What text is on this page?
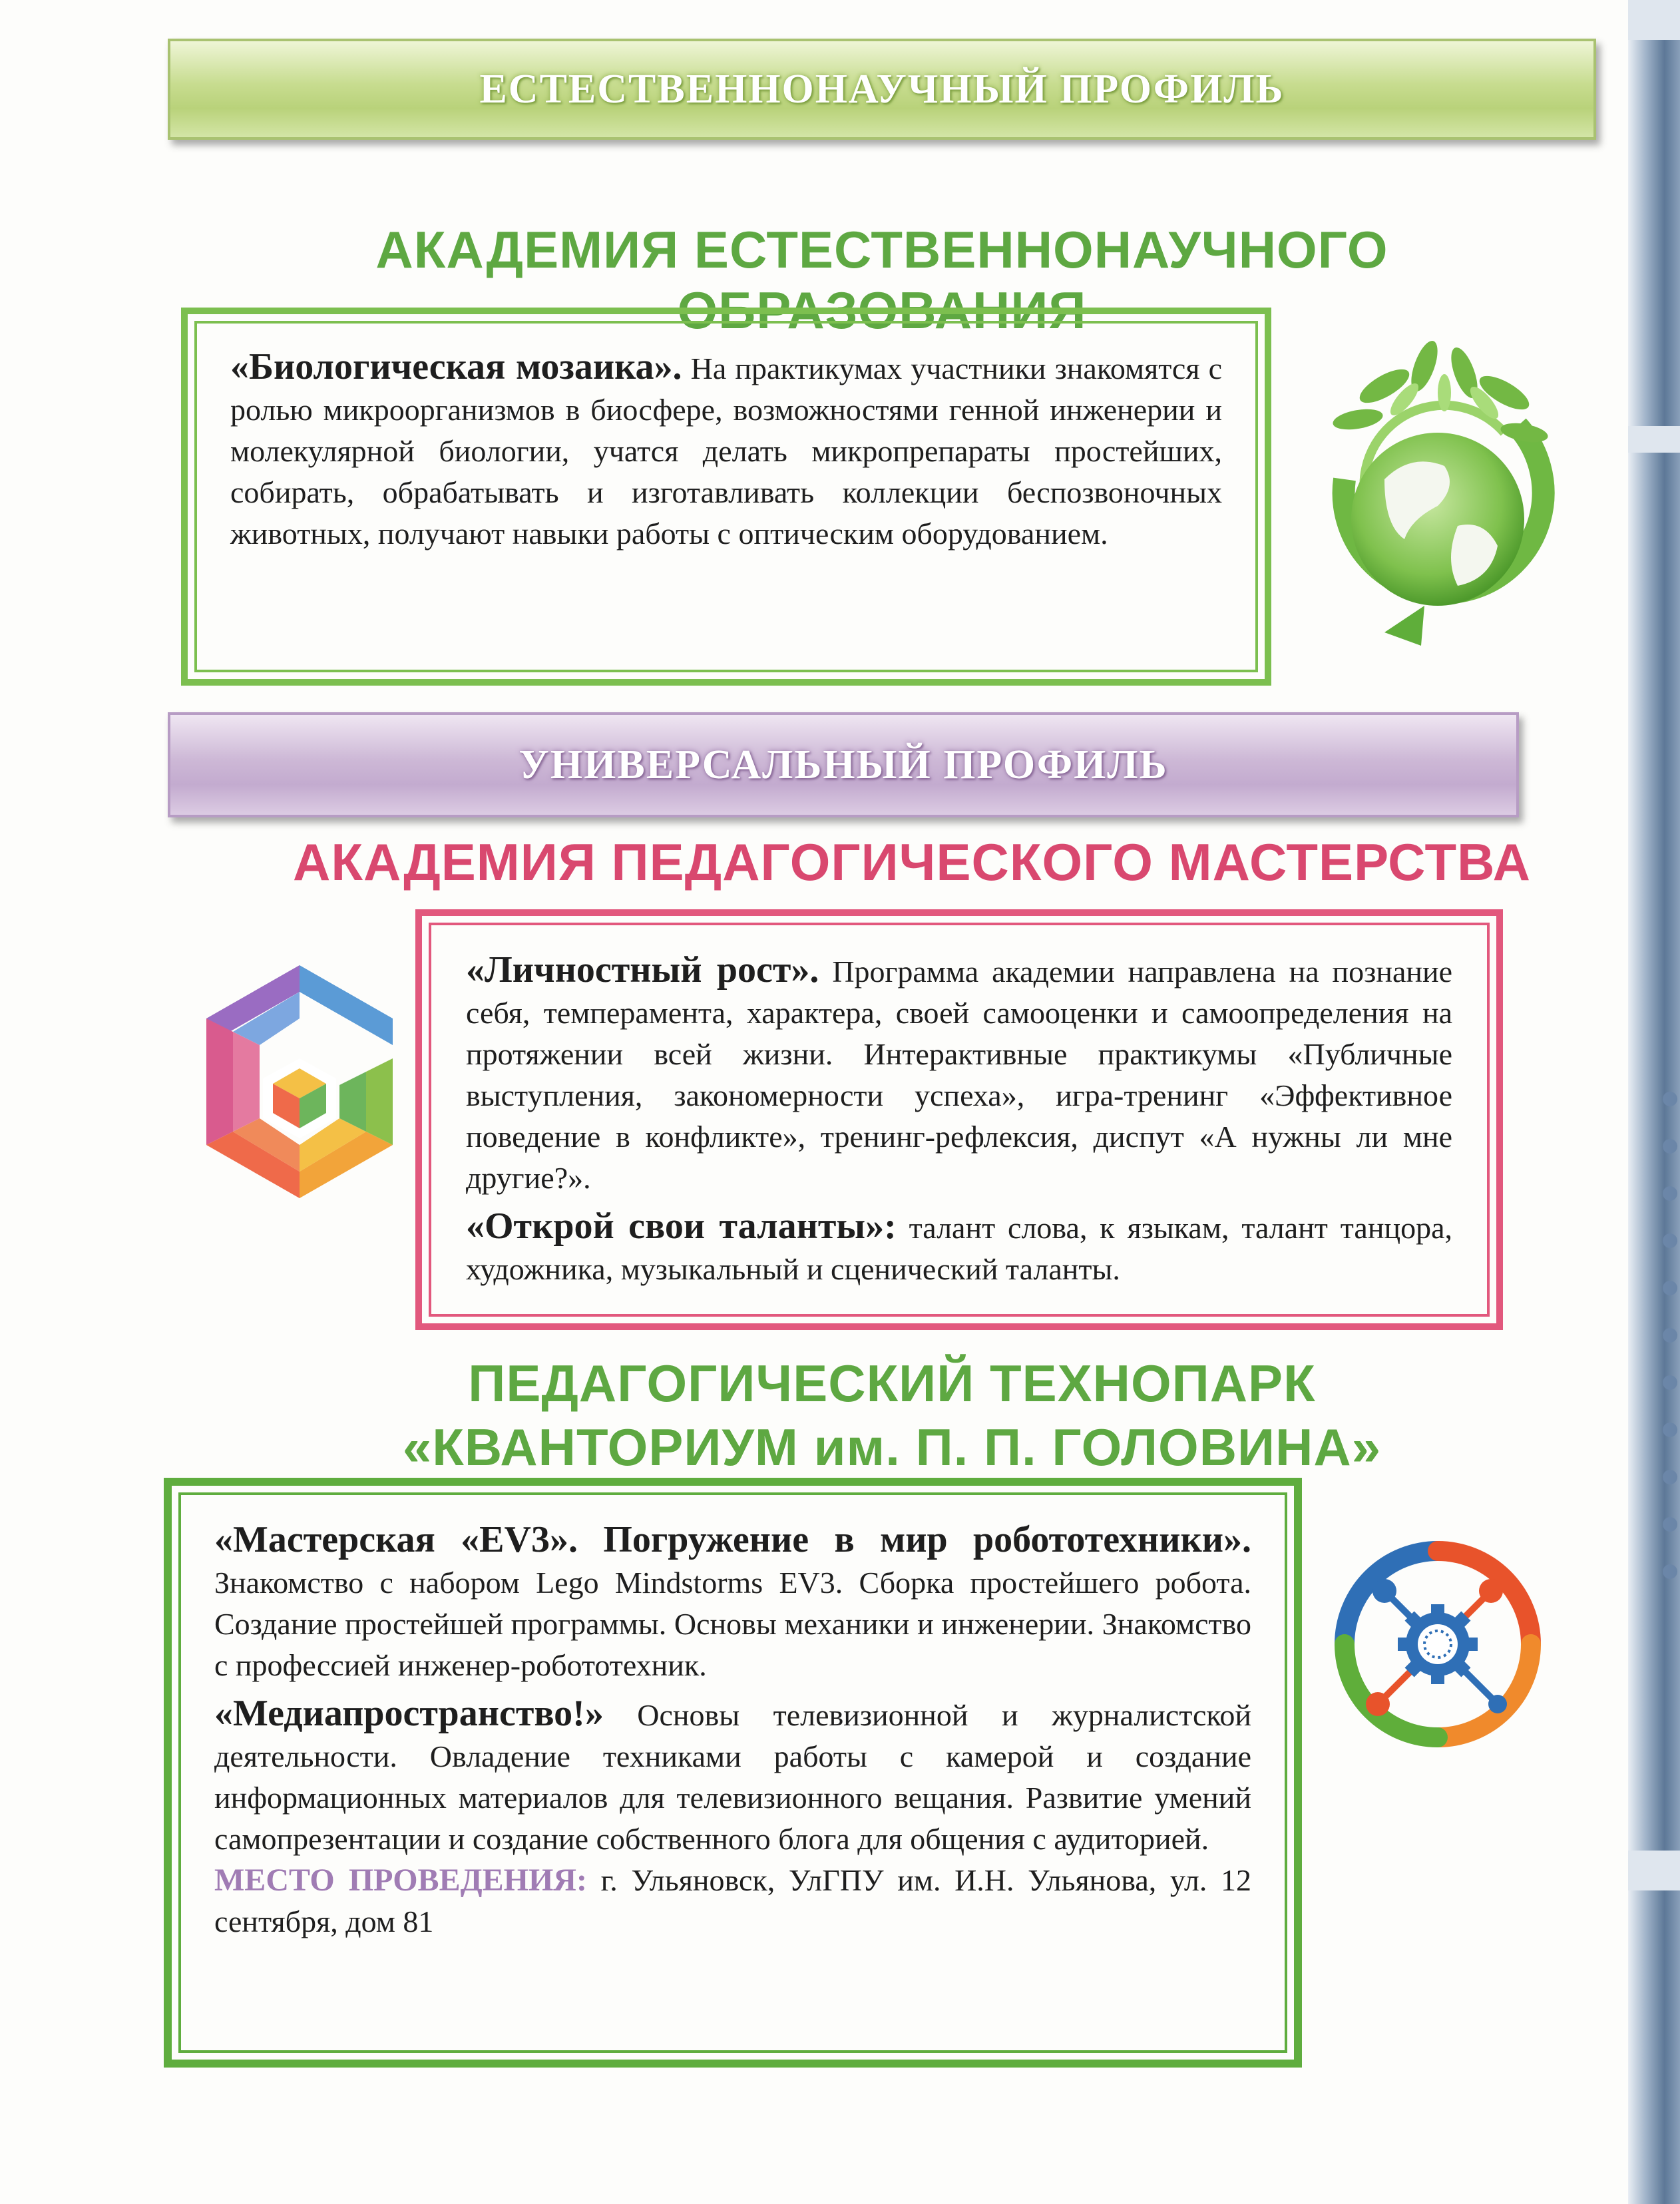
ЕСТЕСТВЕННОНАУЧНЫЙ ПРОФИЛЬ
АКАДЕМИЯ ЕСТЕСТВЕННОНАУЧНОГО ОБРАЗОВАНИЯ

«Биологическая мозаика». На практикумах участники знакомятся с ролью микроорганизмов в биосфере, возможностями генной инженерии и молекулярной биологии, учатся делать микропрепараты простейших, собирать, обрабатывать и изготавливать коллекции беспозвоночных животных, получают навыки работы с оптическим оборудованием.

УНИВЕРСАЛЬНЫЙ ПРОФИЛЬ
АКАДЕМИЯ ПЕДАГОГИЧЕСКОГО МАСТЕРСТВА

«Личностный рост». Программа академии направлена на познание себя, темперамента, характера, своей самооценки и самоопределения на протяжении всей жизни. Интерактивные практикумы «Публичные выступления, закономерности успеха», игра-тренинг «Эффективное поведение в конфликте», тренинг-рефлексия, диспут «А нужны ли мне другие?».

«Открой свои таланты»: талант слова, к языкам, талант танцора, художника, музыкальный и сценический таланты.

ПЕДАГОГИЧЕСКИЙ ТЕХНОПАРК
«КВАНТОРИУМ им. П. П. ГОЛОВИНА»

«Мастерская «EV3». Погружение в мир робототехники». Знакомство с набором Lego Mindstorms EV3. Сборка простейшего робота. Создание простейшей программы. Основы механики и инженерии. Знакомство с профессией инженер-робототехник.

«Медиапространство!» Основы телевизионной и журналистской деятельности. Овладение техниками работы с камерой и создание информационных материалов для телевизионного вещания. Развитие умений самопрезентации и создание собственного блога для общения с аудиторией.

МЕСТО ПРОВЕДЕНИЯ: г. Ульяновск, УлГПУ им. И.Н. Ульянова, ул. 12 сентября, дом 81
